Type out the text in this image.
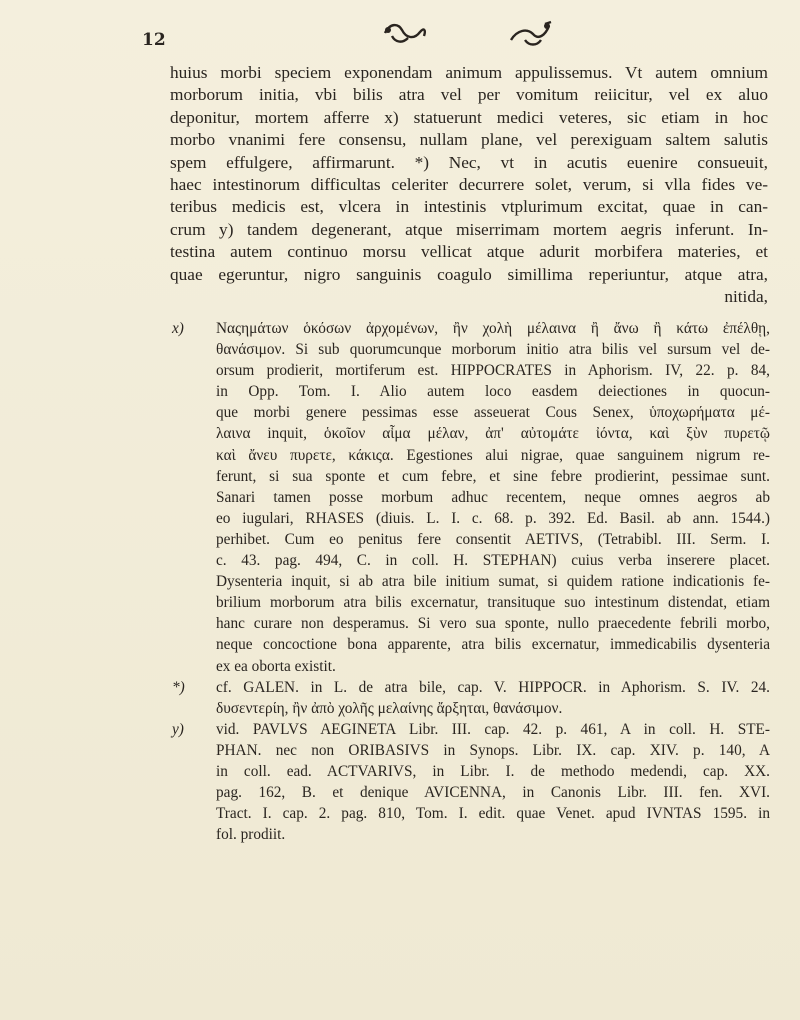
12
huius morbi speciem exponendam animum appulissemus. Vt autem omnium
morborum initia, vbi bilis atra vel per vomitum reiicitur, vel ex aluo
deponitur, mortem afferre x) statuerunt medici veteres, sic etiam in hoc
morbo vnanimi fere consensu, nullam plane, vel perexiguam saltem salutis
spem effulgere, affirmarunt. *) Nec, vt in acutis euenire consueuit,
haec intestinorum difficultas celeriter decurrere solet, verum, si vlla fides ve-
teribus medicis est, vlcera in intestinis vtplurimum excitat, quae in can-
crum y) tandem degenerant, atque miserrimam mortem aegris inferunt. In-
testina autem continuo morsu vellicat atque adurit morbifera materies, et
quae egeruntur, nigro sanguinis coagulo simillima reperiuntur, atque atra,
nitida,
x)	Ναςημάτων ὁκόσων ἀρχομένων, ἢν χολὴ μέλαινα ἢ ἄνω ἢ κάτω ἐπέλθῃ,
θανάσιμον. Si sub quorumcunque morborum initio atra bilis vel sursum vel de-
orsum prodierit, mortiferum est. HIPPOCRATES in Aphorism. IV, 22. p. 84,
in Opp. Tom. I. Alio autem loco easdem deiectiones in quocun-
que morbi genere pessimas esse asseuerat Cous Senex, ὑποχωρήματα μέ-
λαινα inquit, ὁκοῖον αἷμα μέλαν, ἀπ' αὐτομάτε ἰόντα, καὶ ξὺν πυρετῷ
καὶ ἄνευ πυρετε, κάκιςα. Egestiones alui nigrae, quae sanguinem nigrum re-
ferunt, si sua sponte et cum febre, et sine febre prodierint, pessimae sunt.
Sanari tamen posse morbum adhuc recentem, neque omnes aegros ab
eo iugulari, RHASES (diuis. L. I. c. 68. p. 392. Ed. Basil. ab ann. 1544.)
perhibet. Cum eo penitus fere consentit AETIVS, (Tetrabibl. III. Serm. I.
c. 43. pag. 494, C. in coll. H. STEPHAN) cuius verba inserere placet.
Dysenteria inquit, si ab atra bile initium sumat, si quidem ratione indicationis fe-
brilium morborum atra bilis excernatur, transituque suo intestinum distendat, etiam
hanc curare non desperamus. Si vero sua sponte, nullo praecedente febrili morbo,
neque concoctione bona apparente, atra bilis excernatur, immedicabilis dysenteria
ex ea oborta existit.
*)	cf. GALEN. in L. de atra bile, cap. V. HIPPOCR. in Aphorism. S. IV. 24.
δυσεντερίη, ἢν ἀπὸ χολῆς μελαίνης ἄρξηται, θανάσιμον.
y)	vid. PAVLVS AEGINETA Libr. III. cap. 42. p. 461, A in coll. H. STE-
PHAN. nec non ORIBASIVS in Synops. Libr. IX. cap. XIV. p. 140, A
in coll. ead. ACTVARIVS, in Libr. I. de methodo medendi, cap. XX.
pag. 162, B. et denique AVICENNA, in Canonis Libr. III. fen. XVI.
Tract. I. cap. 2. pag. 810, Tom. I. edit. quae Venet. apud IVNTAS 1595. in
fol. prodiit.
